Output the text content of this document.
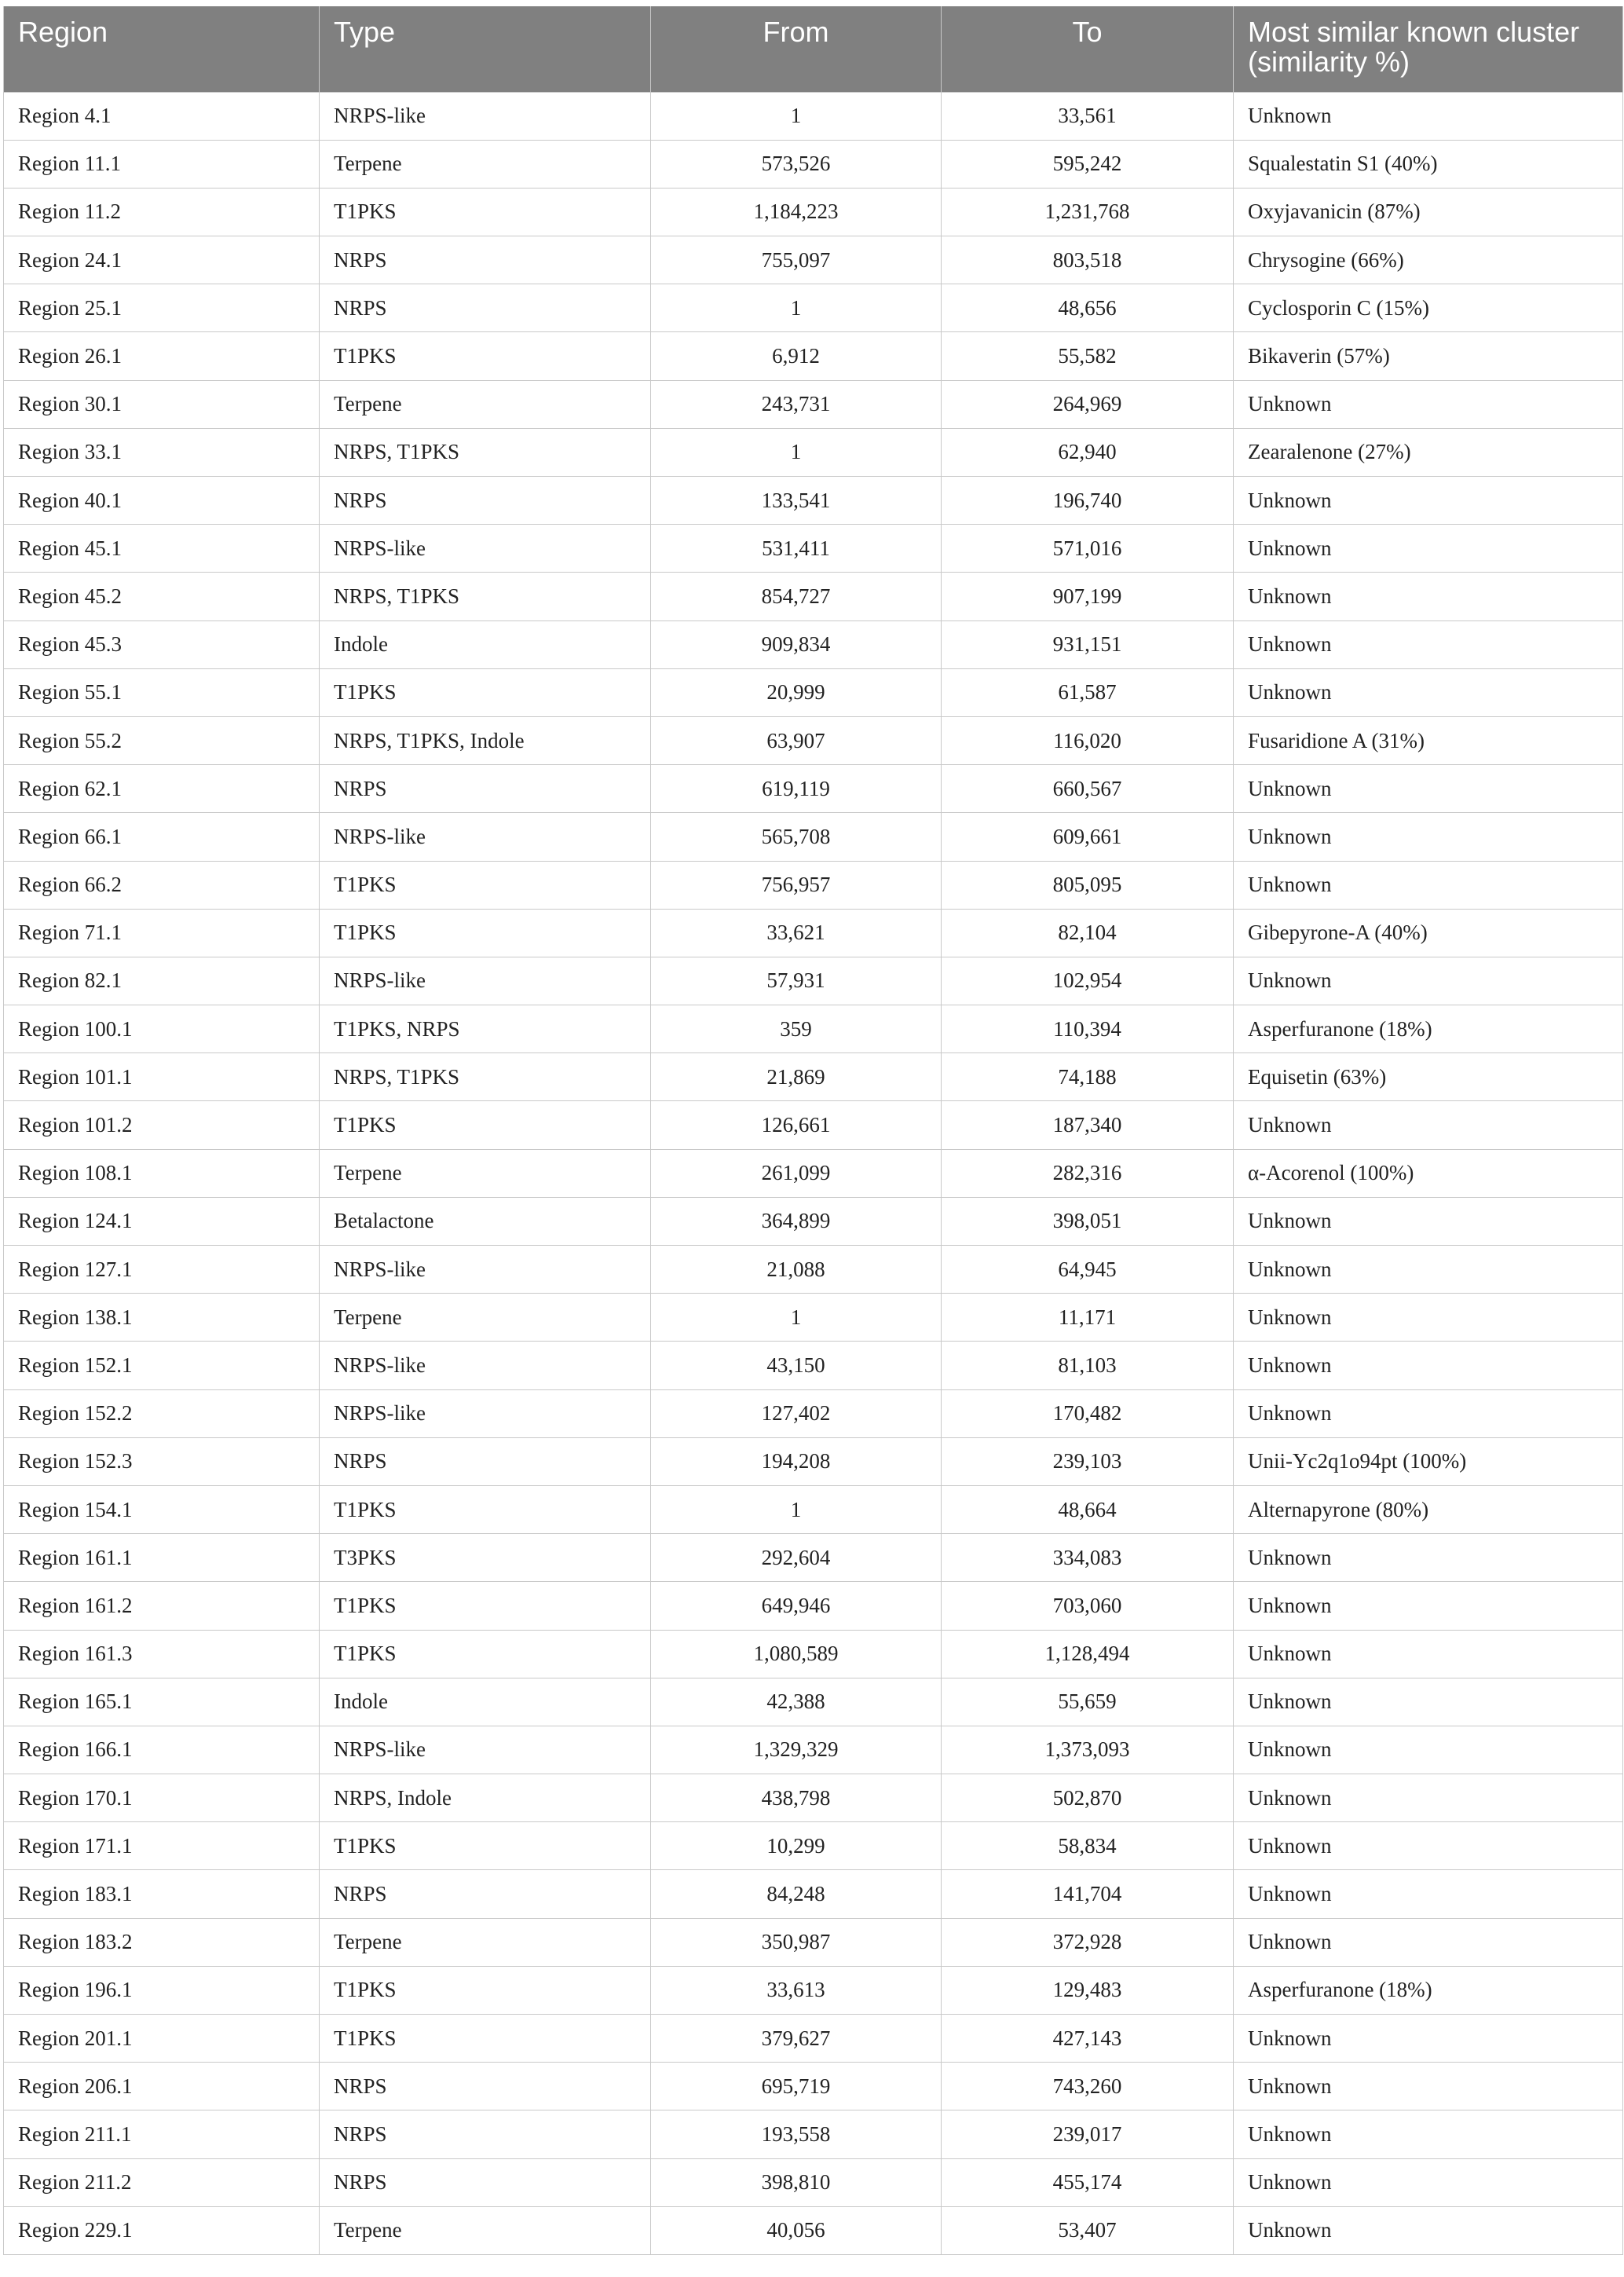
Region	Type	From	To	Most similar known cluster (similarity %)
Region 4.1	NRPS-like	1	33,561	Unknown
Region 11.1	Terpene	573,526	595,242	Squalestatin S1 (40%)
Region 11.2	T1PKS	1,184,223	1,231,768	Oxyjavanicin (87%)
Region 24.1	NRPS	755,097	803,518	Chrysogine (66%)
Region 25.1	NRPS	1	48,656	Cyclosporin C (15%)
Region 26.1	T1PKS	6,912	55,582	Bikaverin (57%)
Region 30.1	Terpene	243,731	264,969	Unknown
Region 33.1	NRPS, T1PKS	1	62,940	Zearalenone (27%)
Region 40.1	NRPS	133,541	196,740	Unknown
Region 45.1	NRPS-like	531,411	571,016	Unknown
Region 45.2	NRPS, T1PKS	854,727	907,199	Unknown
Region 45.3	Indole	909,834	931,151	Unknown
Region 55.1	T1PKS	20,999	61,587	Unknown
Region 55.2	NRPS, T1PKS, Indole	63,907	116,020	Fusaridione A (31%)
Region 62.1	NRPS	619,119	660,567	Unknown
Region 66.1	NRPS-like	565,708	609,661	Unknown
Region 66.2	T1PKS	756,957	805,095	Unknown
Region 71.1	T1PKS	33,621	82,104	Gibepyrone-A (40%)
Region 82.1	NRPS-like	57,931	102,954	Unknown
Region 100.1	T1PKS, NRPS	359	110,394	Asperfuranone (18%)
Region 101.1	NRPS, T1PKS	21,869	74,188	Equisetin (63%)
Region 101.2	T1PKS	126,661	187,340	Unknown
Region 108.1	Terpene	261,099	282,316	α-Acorenol (100%)
Region 124.1	Betalactone	364,899	398,051	Unknown
Region 127.1	NRPS-like	21,088	64,945	Unknown
Region 138.1	Terpene	1	11,171	Unknown
Region 152.1	NRPS-like	43,150	81,103	Unknown
Region 152.2	NRPS-like	127,402	170,482	Unknown
Region 152.3	NRPS	194,208	239,103	Unii-Yc2q1o94pt (100%)
Region 154.1	T1PKS	1	48,664	Alternapyrone (80%)
Region 161.1	T3PKS	292,604	334,083	Unknown
Region 161.2	T1PKS	649,946	703,060	Unknown
Region 161.3	T1PKS	1,080,589	1,128,494	Unknown
Region 165.1	Indole	42,388	55,659	Unknown
Region 166.1	NRPS-like	1,329,329	1,373,093	Unknown
Region 170.1	NRPS, Indole	438,798	502,870	Unknown
Region 171.1	T1PKS	10,299	58,834	Unknown
Region 183.1	NRPS	84,248	141,704	Unknown
Region 183.2	Terpene	350,987	372,928	Unknown
Region 196.1	T1PKS	33,613	129,483	Asperfuranone (18%)
Region 201.1	T1PKS	379,627	427,143	Unknown
Region 206.1	NRPS	695,719	743,260	Unknown
Region 211.1	NRPS	193,558	239,017	Unknown
Region 211.2	NRPS	398,810	455,174	Unknown
Region 229.1	Terpene	40,056	53,407	Unknown
